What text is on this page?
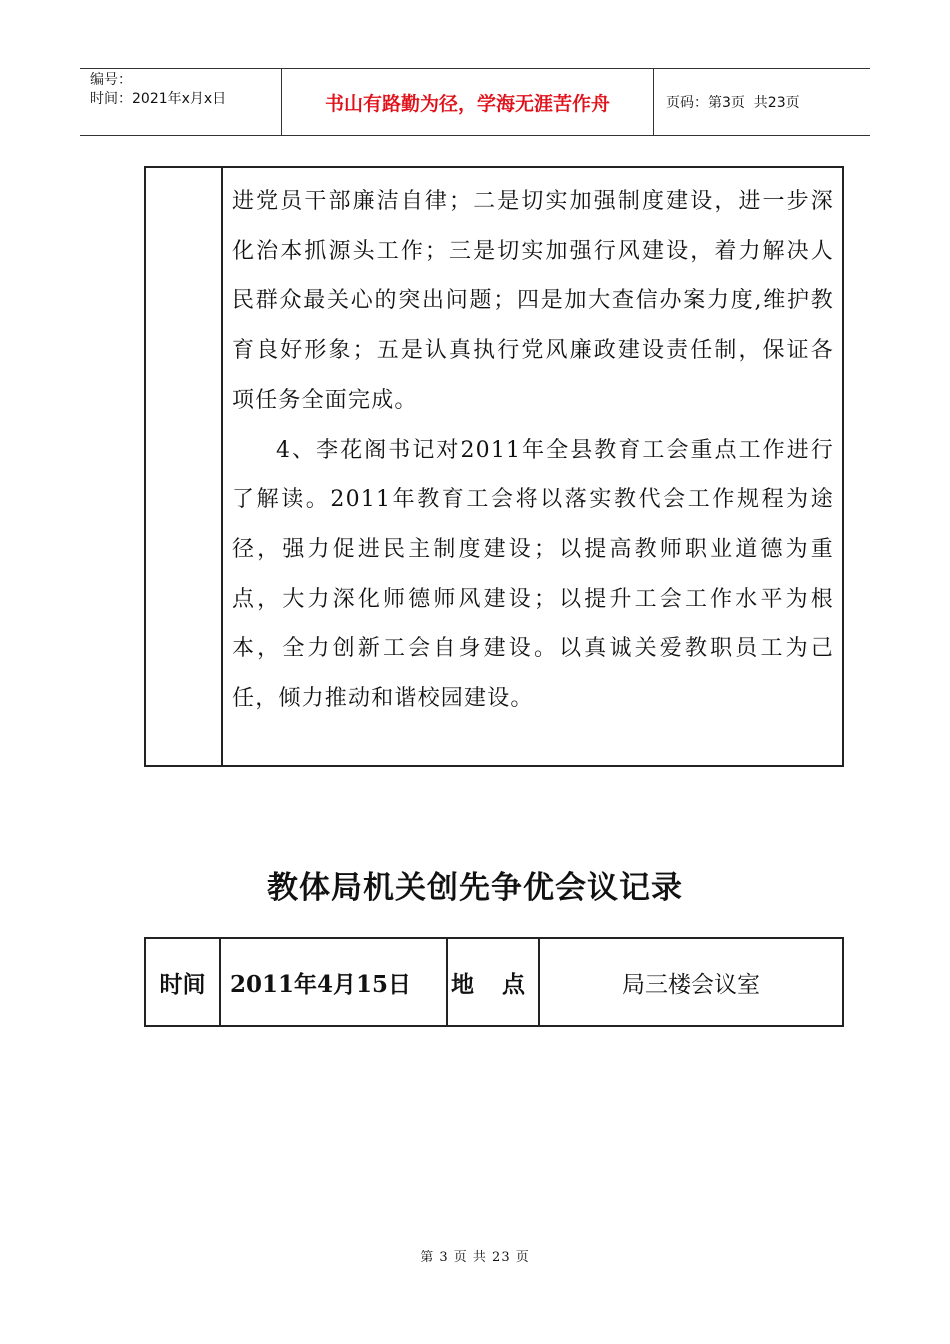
编号：
时间：2021年x月x日	书山有路勤为径，学海无涯苦作舟	页码：第3页  共23页

进党员干部廉洁自律；二是切实加强制度建设，进一步深化治本抓源头工作；三是切实加强行风建设，着力解决人民群众最关心的突出问题；四是加大查信办案力度,维护教育良好形象；五是认真执行党风廉政建设责任制，保证各项任务全面完成。

4、李花阁书记对2011年全县教育工会重点工作进行了解读。2011年教育工会将以落实教代会工作规程为途径，强力促进民主制度建设；以提高教师职业道德为重点，大力深化师德师风建设；以提升工会工作水平为根本，全力创新工会自身建设。以真诚关爱教职员工为己任，倾力推动和谐校园建设。

教体局机关创先争优会议记录
时间	2011年4月15日	地 点	局三楼会议室
第 3 页 共 23 页
